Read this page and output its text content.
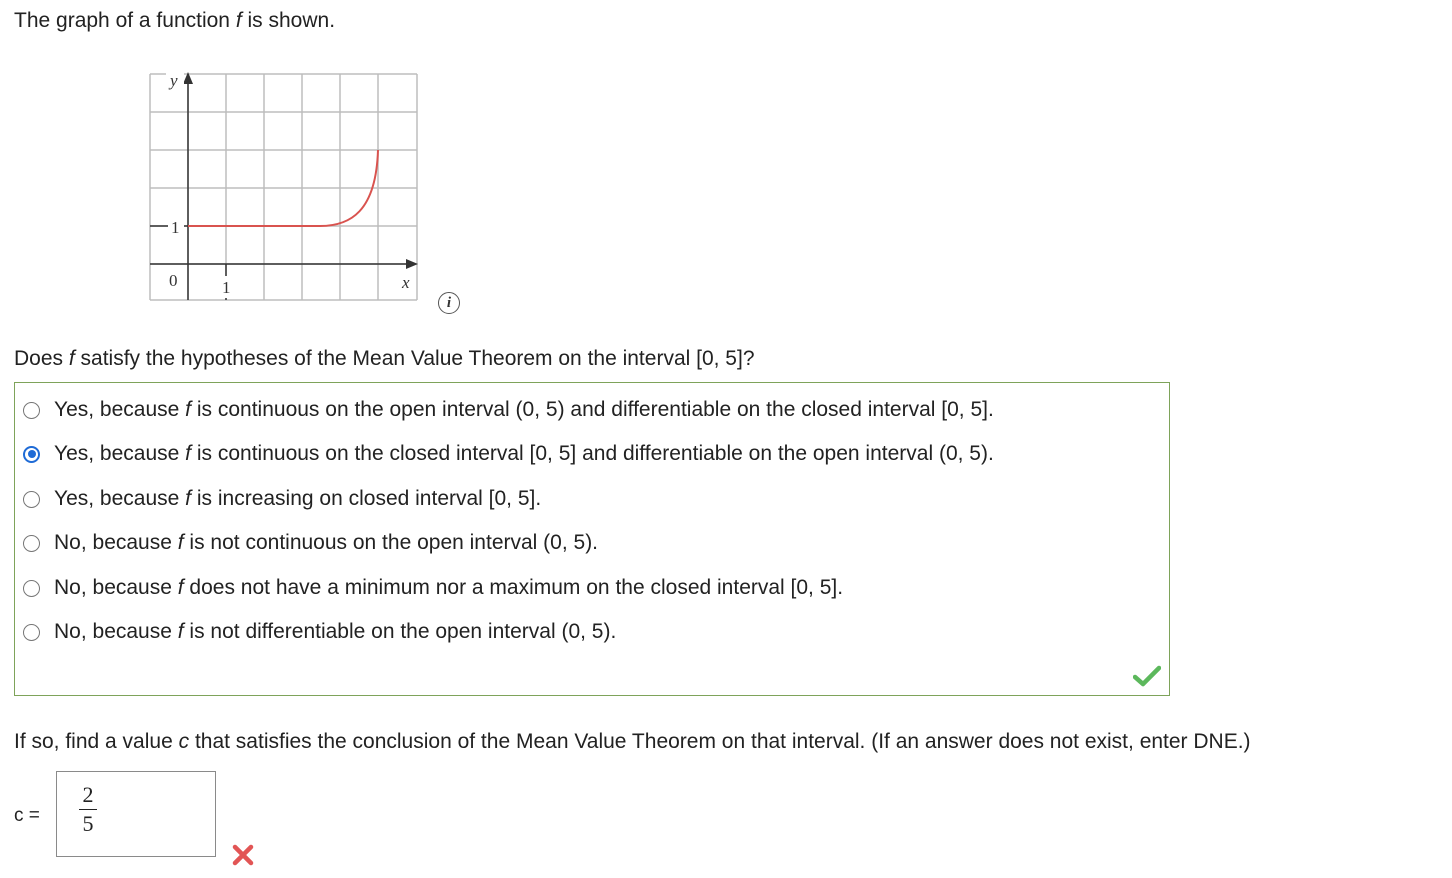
The graph of a function f is shown.
y
1
0	1	x
i
Does f satisfy the hypotheses of the Mean Value Theorem on the interval [0, 5]?
Yes, because f is continuous on the open interval (0, 5) and differentiable on the closed interval [0, 5].
Yes, because f is continuous on the closed interval [0, 5] and differentiable on the open interval (0, 5).
Yes, because f is increasing on closed interval [0, 5].
No, because f is not continuous on the open interval (0, 5).
No, because f does not have a minimum nor a maximum on the closed interval [0, 5].
No, because f is not differentiable on the open interval (0, 5).
If so, find a value c that satisfies the conclusion of the Mean Value Theorem on that interval. (If an answer does not exist, enter DNE.)
c =
2
5
